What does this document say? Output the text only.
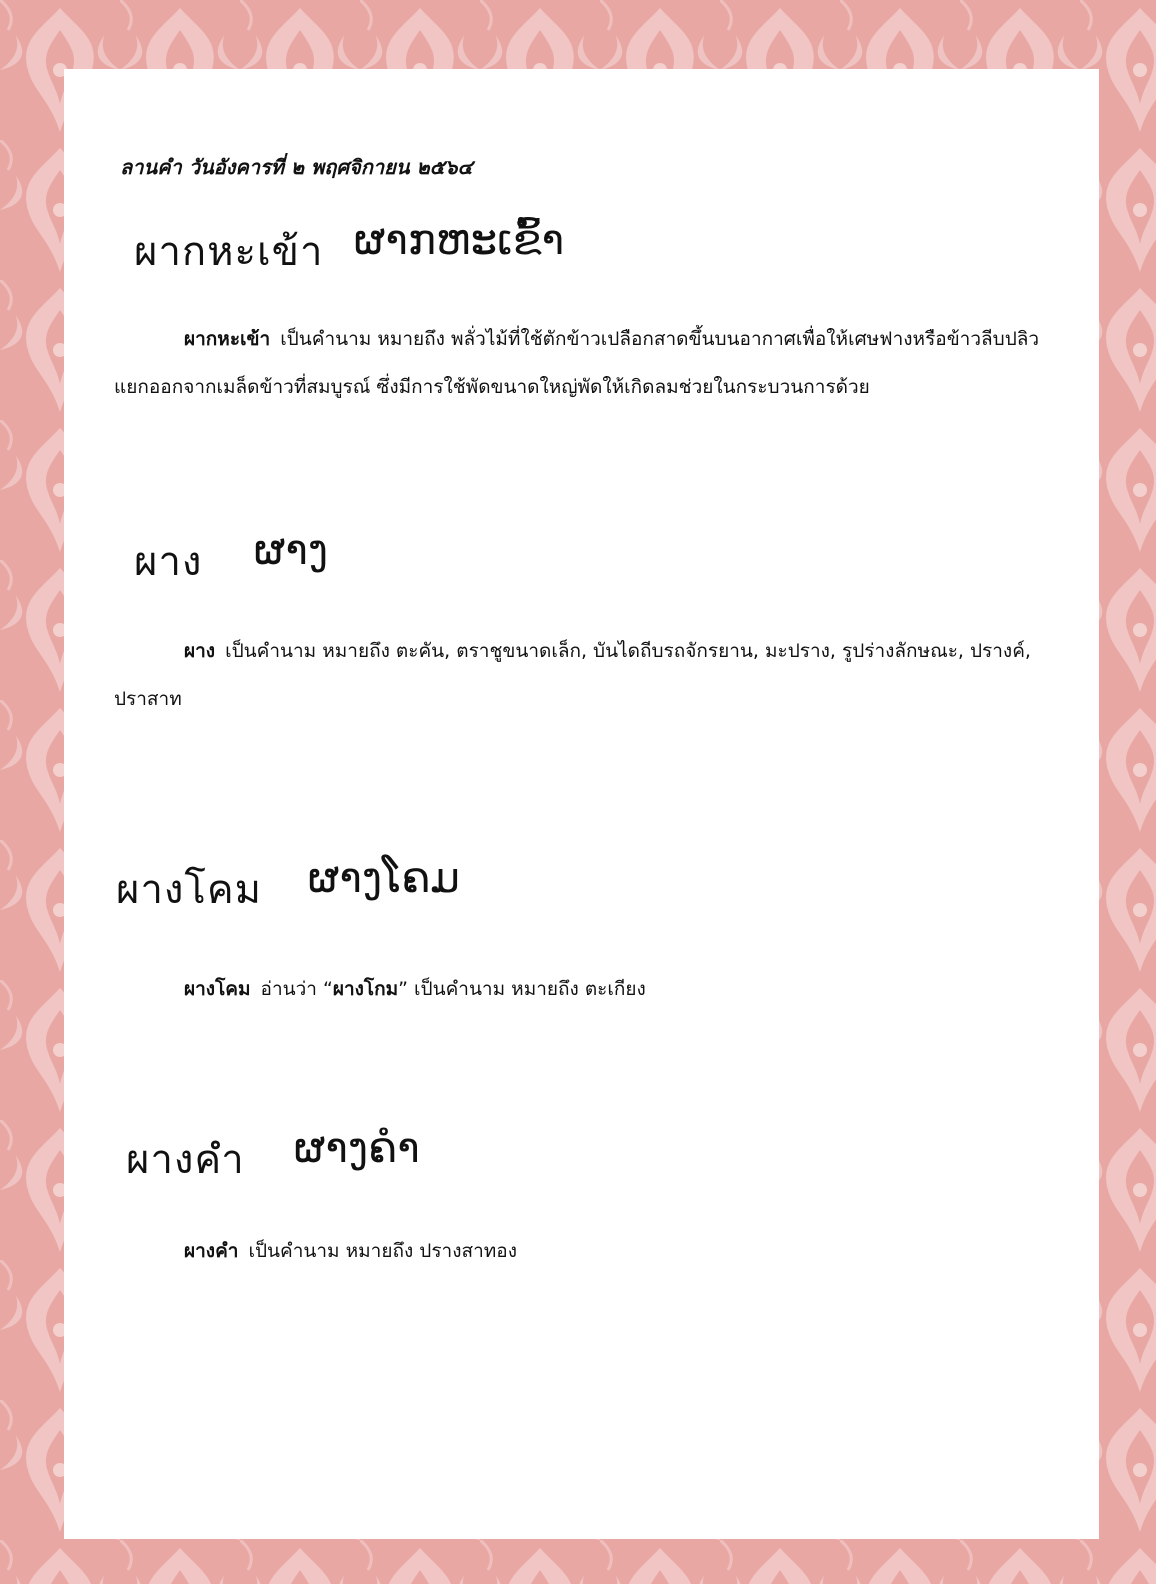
ลานคำ วันอังคารที่ ๒ พฤศจิกายน ๒๕๖๔
ผากหะเข้า ຜາກຫະເຂົ້າ
ผากหะเข้า เป็นคำนาม หมายถึง พลั่วไม้ที่ใช้ตักข้าวเปลือกสาดขึ้นบนอากาศเพื่อให้เศษฟางหรือข้าวลีบปลิวแยกออกจากเมล็ดข้าวที่สมบูรณ์ ซึ่งมีการใช้พัดขนาดใหญ่พัดให้เกิดลมช่วยในกระบวนการด้วย
ผาง ຜາງ
ผาง เป็นคำนาม หมายถึง ตะคัน, ตราชูขนาดเล็ก, บันไดถีบรถจักรยาน, มะปราง, รูปร่างลักษณะ, ปรางค์, ปราสาท
ผางโคม ຜາງໂຄມ
ผางโคม อ่านว่า “ผางโกม” เป็นคำนาม หมายถึง ตะเกียง
ผางคำ ຜາງຄຳ
ผางคำ เป็นคำนาม หมายถึง ปรางสาทอง
